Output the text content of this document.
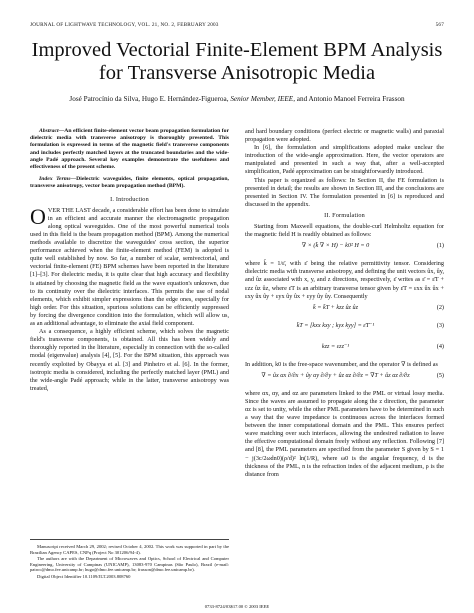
JOURNAL OF LIGHTWAVE TECHNOLOGY, VOL. 21, NO. 2, FEBRUARY 2003	567
Improved Vectorial Finite-Element BPM Analysis for Transverse Anisotropic Media
José Patrocínio da Silva, Hugo E. Hernández-Figueroa, Senior Member, IEEE, and Antonio Manoel Ferreira Frasson

Abstract—An efficient finite-element vector beam propagation formulation for dielectric media with transverse anisotropy is thoroughly presented. This formulation is expressed in terms of the magnetic field's transverse components and includes perfectly matched layers at the truncated boundaries and the wide-angle Padé approach. Several key examples demonstrate the usefulness and effectiveness of the present scheme.

Index Terms—Dielectric waveguides, finite elements, optical propagation, transverse anisotropy, vector beam propagation method (BPM).

I. Introduction
OVER THE LAST decade, a considerable effort has been done to simulate in an efficient and accurate manner the electromagnetic propagation along optical waveguides. One of the most powerful numerical tools used in this field is the beam propagation method (BPM). Among the numerical methods available to discretize the waveguides' cross section, the superior performance achieved when the finite-element method (FEM) is adopted is quite well established by now. So far, a number of scalar, semivectorial, and vectorial finite-element (FE) BPM schemes have been reported in the literature [1]–[3]. For dielectric media, it is quite clear that high accuracy and flexibility is attained by choosing the magnetic field as the wave equation's unknown, due to its continuity over the dielectric interfaces. This permits the use of nodal elements, which exhibit simpler expressions than the edge ones, especially for high order. For this situation, spurious solutions can be efficiently suppressed by forcing the divergence condition into the formulation, which will allow us, as an additional advantage, to eliminate the axial field component.

As a consequence, a highly efficient scheme, which solves the magnetic field's transverse components, is obtained. All this has been widely and thoroughly reported in the literature, especially in connection with the so-called modal (eigenvalue) analysis [4], [5]. For the BPM situation, this approach was recently exploited by Obayya et al. [3] and Pinheiro et al. [6]. In the former, isotropic media is considered, including the perfectly matched layer (PML) and the wide-angle Padé approach; while in the latter, transverse anisotropy was treated,

Manuscript received March 29, 2002; revised October 4, 2002. This work was supported in part by the Brazilian Agency CAPES, CNPq (Project No 301206/94-4).

The authors are with the Department of Microwaves and Optics, School of Electrical and Computer Engineering, University of Campinas (UNICAMP), 13083-970 Campinas (São Paulo), Brazil (e-mail: patroc@dmo.fee.unicamp.br; hugo@dmo.fee.unicamp.br; frasson@dmo.fee.unicamp.br).

Digital Object Identifier 10.1109/JLT.2003.808760

and hard boundary conditions (perfect electric or magnetic walls) and paraxial propagation were adopted.

In [6], the formulation and simplifications adopted make unclear the introduction of the wide-angle approximation. Here, the vector operators are manipulated and presented in such a way that, after a well-accepted simplification, Padé approximation can be straightforwardly introduced.

This paper is organized as follows: In Section II, the FE formulation is presented in detail; the results are shown in Section III, and the conclusions are presented in Section IV. The formulation presented in [6] is reproduced and discussed in the appendix.

II. Formulation

Starting from Maxwell equations, the double-curl Helmholtz equation for the magnetic field H is readily obtained as follows:

∇ × (k̄ ∇ × H) − k0² H = 0	(1)

where k̄ = 1/ε̄, with ε̄ being the relative permittivity tensor. Considering dielectric media with transverse anisotropy, and defining the unit vectors ûx, ûy, and ûz associated with x, y, and z directions, respectively, ε̄ writes as ε̄ = ε̄T + εzz ûz ûz, where ε̄T is an arbitrary transverse tensor given by ε̄T = εxx ûx ûx + εxy ûx ûy + εyx ûy ûx + εyy ûy ûy. Consequently

k̄ = k̄T + kzz ûz ûz	(2)
k̄T = [kxx kxy ; kyx kyy] = ε̄T⁻¹	(3)
kzz = εzz⁻¹	(4)

In addition, k0 is the free-space wavenumber, and the operator ∇ is defined as

∇ = ûx αx ∂/∂x + ûy αy ∂/∂y + ûz αz ∂/∂z = ∇T + ûz αz ∂/∂z	(5)

where αx, αy, and αz are parameters linked to the PML or virtual lossy media. Since the waves are assumed to propagate along the z direction, the parameter αz is set to unity, while the other PML parameters have to be determined in such a way that the wave impedance is continuous across the interfaces formed between the inner computational domain and the PML. This ensures perfect wave matching over such interfaces, allowing the undesired radiation to leave the effective computational domain freely without any reflection. Following [7] and [8], the PML parameters are specified from the parameter S given by S = 1 − j(3c/2ωdn0)(ρ/d)² ln(1/R), where ω0 is the angular frequency, d is the thickness of the PML, n is the refraction index of the adjacent medium, ρ is the distance from

0733-8724/03$17.00 © 2003 IEEE
